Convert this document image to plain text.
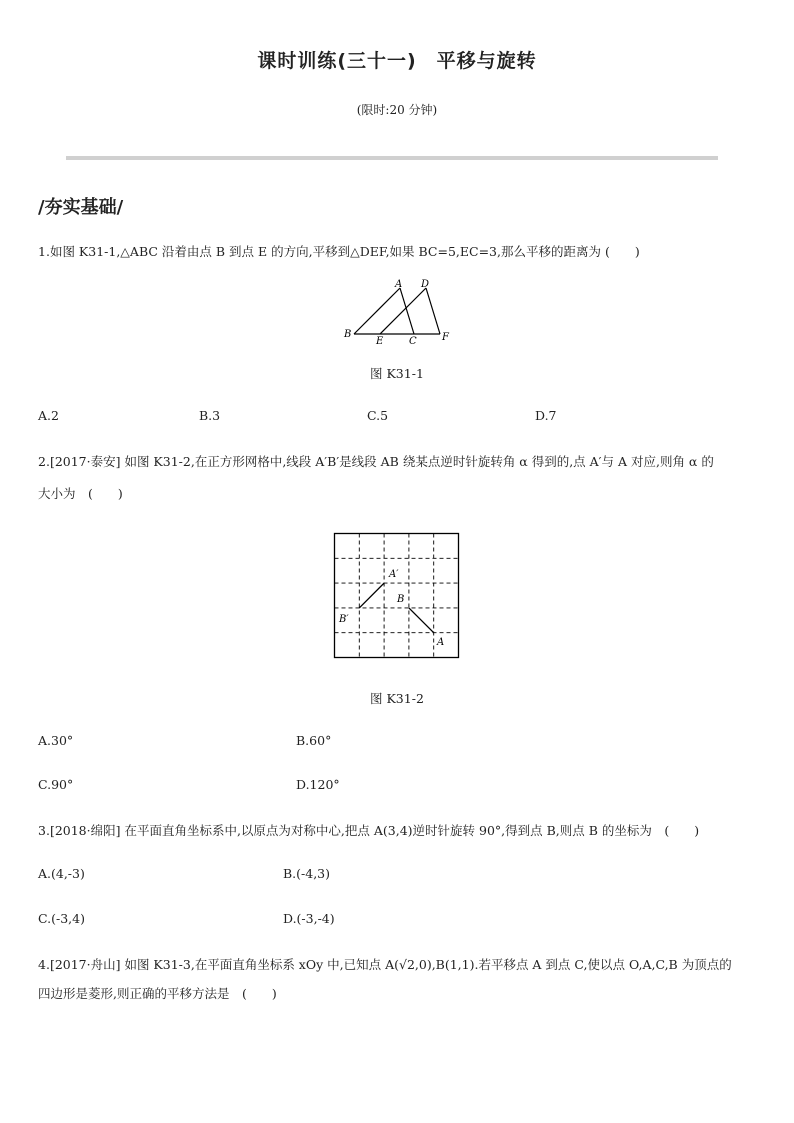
课时训练(三十一)　平移与旋转
(限时:20 分钟)
/夯实基础/
1.如图 K31-1,△ABC 沿着由点 B 到点 E 的方向,平移到△DEF,如果 BC=5,EC=3,那么平移的距离为 (　　)
A D
B
E	C	F
图 K31-1
A.2	B.3	C.5	D.7
2.[2017·泰安] 如图 K31-2,在正方形网格中,线段 A′B′是线段 AB 绕某点逆时针旋转角 α 得到的,点 A′与 A 对应,则角 α 的
大小为　(　　)
A′
B
B′
A
图 K31-2
A.30°	B.60°
C.90°	D.120°
3.[2018·绵阳] 在平面直角坐标系中,以原点为对称中心,把点 A(3,4)逆时针旋转 90°,得到点 B,则点 B 的坐标为　(　　)
A.(4,-3)	B.(-4,3)
C.(-3,4)	D.(-3,-4)
4.[2017·舟山] 如图 K31-3,在平面直角坐标系 xOy 中,已知点 A(√2,0),B(1,1).若平移点 A 到点 C,使以点 O,A,C,B 为顶点的
四边形是菱形,则正确的平移方法是　(　　)
